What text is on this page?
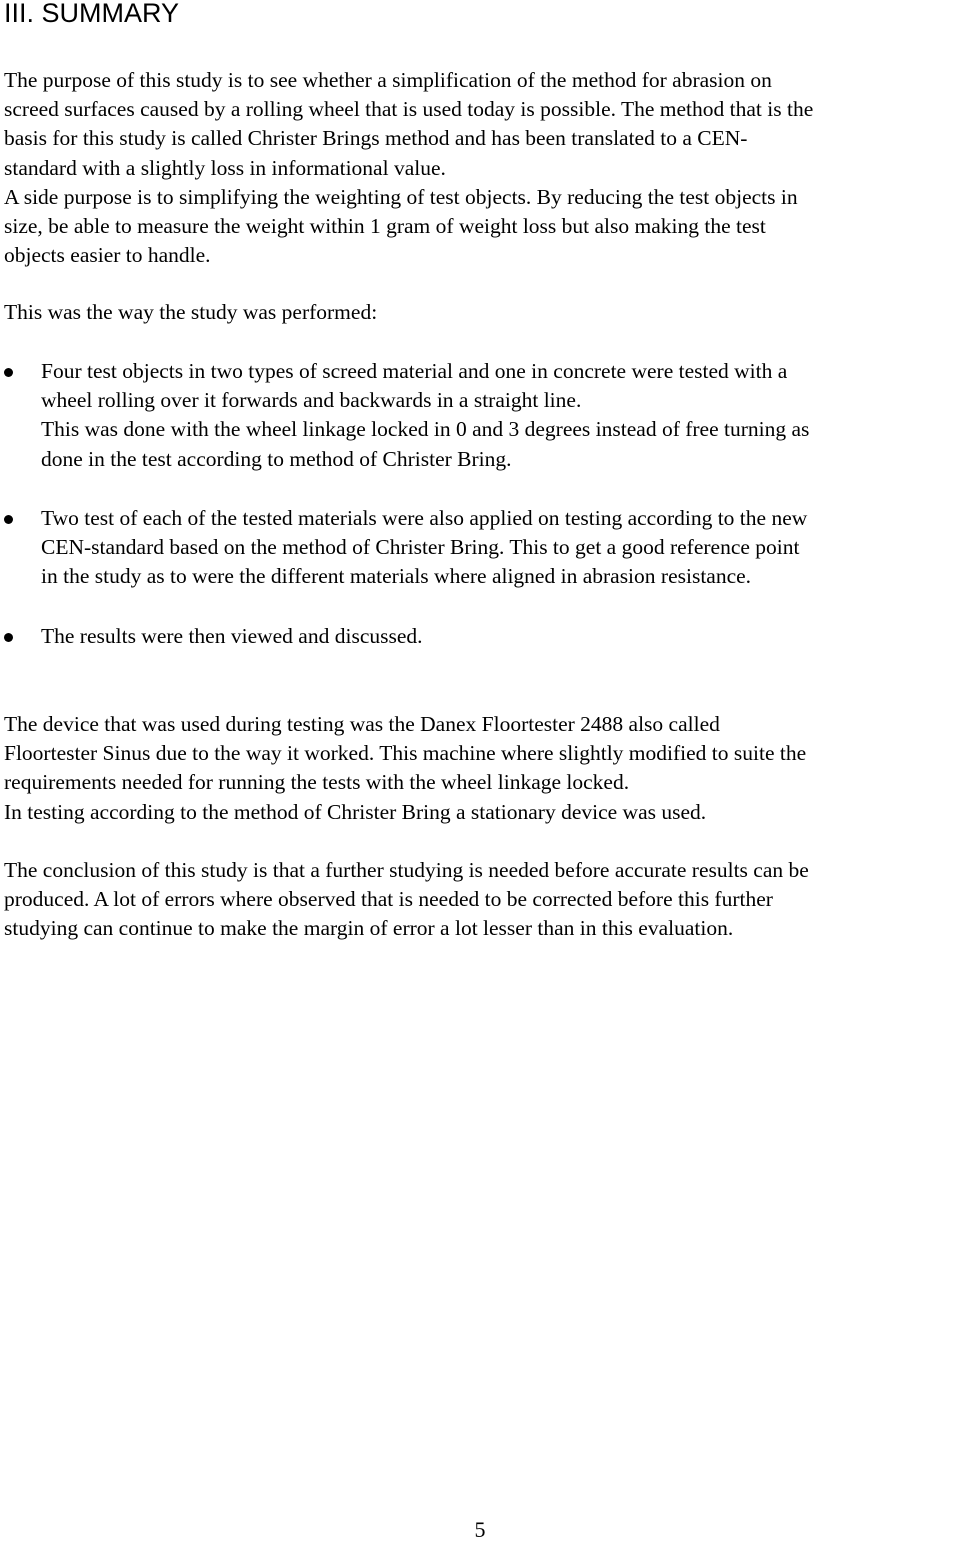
III. SUMMARY
The purpose of this study is to see whether a simplification of the method for abrasion on
screed surfaces caused by a rolling wheel that is used today is possible. The method that is the
basis for this study is called Christer Brings method and has been translated to a CEN-
standard with a slightly loss in informational value.
A side purpose is to simplifying the weighting of test objects. By reducing the test objects in
size, be able to measure the weight within 1 gram of weight loss but also making the test
objects easier to handle.
This was the way the study was performed:
Four test objects in two types of screed material and one in concrete were tested with a
wheel rolling over it forwards and backwards in a straight line.
This was done with the wheel linkage locked in 0 and 3 degrees instead of free turning as
done in the test according to method of Christer Bring.
Two test of each of the tested materials were also applied on testing according to the new
CEN-standard based on the method of Christer Bring. This to get a good reference point
in the study as to were the different materials where aligned in abrasion resistance.
The results were then viewed and discussed.
The device that was used during testing was the Danex Floortester 2488 also called
Floortester Sinus due to the way it worked. This machine where slightly modified to suite the
requirements needed for running the tests with the wheel linkage locked.
In testing according to the method of Christer Bring a stationary device was used.
The conclusion of this study is that a further studying is needed before accurate results can be
produced. A lot of errors where observed that is needed to be corrected before this further
studying can continue to make the margin of error a lot lesser than in this evaluation.
5
